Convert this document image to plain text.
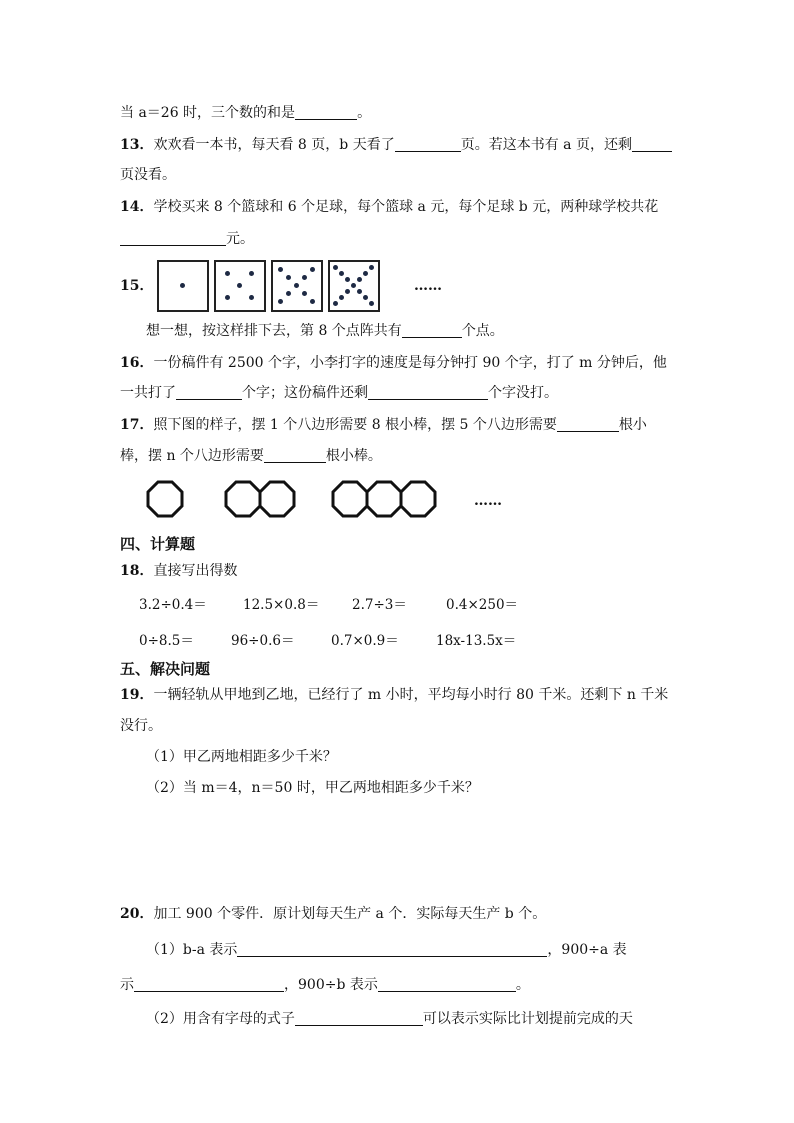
当 a＝26 时，三个数的和是	。
13．欢欢看一本书，每天看 8 页，b 天看了	页。若这本书有 a 页，还剩
页没看。
14．学校买来 8 个篮球和 6 个足球，每个篮球 a 元，每个足球 b 元，两种球学校共花
元。
15．	……
想一想，按这样排下去，第 8 个点阵共有	个点。
16．一份稿件有 2500 个字，小李打字的速度是每分钟打 90 个字，打了 m 分钟后，他
一共打了	个字；这份稿件还剩	个字没打。
17．照下图的样子，摆 1 个八边形需要 8 根小棒，摆 5 个八边形需要	根小
棒，摆 n 个八边形需要	根小棒。
……
四、计算题
18．直接写出得数
3.2÷0.4＝	12.5×0.8＝ 2.7÷3＝	0.4×250＝
0÷8.5＝	96÷0.6＝	0.7×0.9＝	18x-13.5x＝
五、解决问题
19．一辆轻轨从甲地到乙地，已经行了 m 小时，平均每小时行 80 千米。还剩下 n 千米
没行。
（1）甲乙两地相距多少千米？
（2）当 m＝4，n＝50 时，甲乙两地相距多少千米？
20．加工 900 个零件．原计划每天生产 a 个．实际每天生产 b 个。
（1）b-a 表示	，900÷a 表
示	，900÷b 表示	。
（2）用含有字母的式子	可以表示实际比计划提前完成的天
